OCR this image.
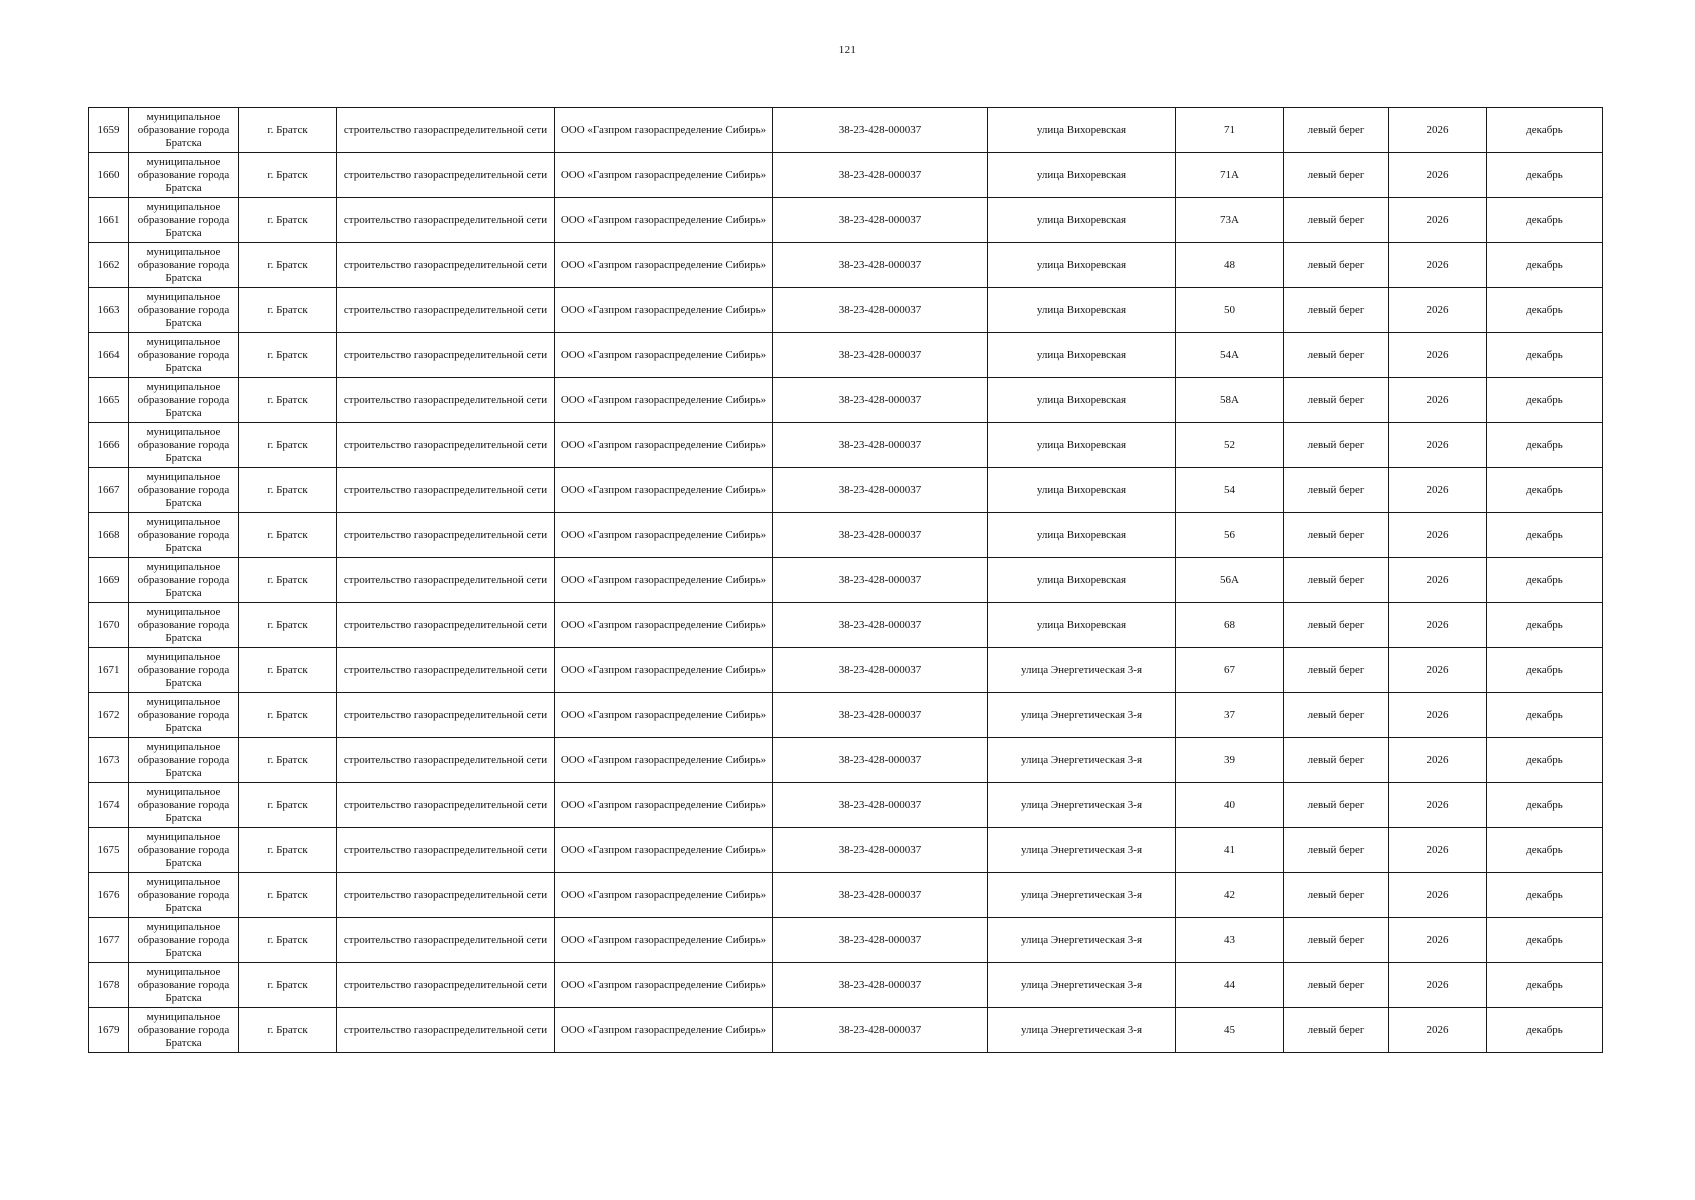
121
1659	муниципальное образование города Братска	г. Братск	строительство газораспределительной сети	ООО «Газпром газораспределение Сибирь»	38-23-428-000037	улица Вихоревская	71	левый берег	2026	декабрь
1660	муниципальное образование города Братска	г. Братск	строительство газораспределительной сети	ООО «Газпром газораспределение Сибирь»	38-23-428-000037	улица Вихоревская	71А	левый берег	2026	декабрь
1661	муниципальное образование города Братска	г. Братск	строительство газораспределительной сети	ООО «Газпром газораспределение Сибирь»	38-23-428-000037	улица Вихоревская	73А	левый берег	2026	декабрь
1662	муниципальное образование города Братска	г. Братск	строительство газораспределительной сети	ООО «Газпром газораспределение Сибирь»	38-23-428-000037	улица Вихоревская	48	левый берег	2026	декабрь
1663	муниципальное образование города Братска	г. Братск	строительство газораспределительной сети	ООО «Газпром газораспределение Сибирь»	38-23-428-000037	улица Вихоревская	50	левый берег	2026	декабрь
1664	муниципальное образование города Братска	г. Братск	строительство газораспределительной сети	ООО «Газпром газораспределение Сибирь»	38-23-428-000037	улица Вихоревская	54А	левый берег	2026	декабрь
1665	муниципальное образование города Братска	г. Братск	строительство газораспределительной сети	ООО «Газпром газораспределение Сибирь»	38-23-428-000037	улица Вихоревская	58А	левый берег	2026	декабрь
1666	муниципальное образование города Братска	г. Братск	строительство газораспределительной сети	ООО «Газпром газораспределение Сибирь»	38-23-428-000037	улица Вихоревская	52	левый берег	2026	декабрь
1667	муниципальное образование города Братска	г. Братск	строительство газораспределительной сети	ООО «Газпром газораспределение Сибирь»	38-23-428-000037	улица Вихоревская	54	левый берег	2026	декабрь
1668	муниципальное образование города Братска	г. Братск	строительство газораспределительной сети	ООО «Газпром газораспределение Сибирь»	38-23-428-000037	улица Вихоревская	56	левый берег	2026	декабрь
1669	муниципальное образование города Братска	г. Братск	строительство газораспределительной сети	ООО «Газпром газораспределение Сибирь»	38-23-428-000037	улица Вихоревская	56А	левый берег	2026	декабрь
1670	муниципальное образование города Братска	г. Братск	строительство газораспределительной сети	ООО «Газпром газораспределение Сибирь»	38-23-428-000037	улица Вихоревская	68	левый берег	2026	декабрь
1671	муниципальное образование города Братска	г. Братск	строительство газораспределительной сети	ООО «Газпром газораспределение Сибирь»	38-23-428-000037	улица Энергетическая 3-я	67	левый берег	2026	декабрь
1672	муниципальное образование города Братска	г. Братск	строительство газораспределительной сети	ООО «Газпром газораспределение Сибирь»	38-23-428-000037	улица Энергетическая 3-я	37	левый берег	2026	декабрь
1673	муниципальное образование города Братска	г. Братск	строительство газораспределительной сети	ООО «Газпром газораспределение Сибирь»	38-23-428-000037	улица Энергетическая 3-я	39	левый берег	2026	декабрь
1674	муниципальное образование города Братска	г. Братск	строительство газораспределительной сети	ООО «Газпром газораспределение Сибирь»	38-23-428-000037	улица Энергетическая 3-я	40	левый берег	2026	декабрь
1675	муниципальное образование города Братска	г. Братск	строительство газораспределительной сети	ООО «Газпром газораспределение Сибирь»	38-23-428-000037	улица Энергетическая 3-я	41	левый берег	2026	декабрь
1676	муниципальное образование города Братска	г. Братск	строительство газораспределительной сети	ООО «Газпром газораспределение Сибирь»	38-23-428-000037	улица Энергетическая 3-я	42	левый берег	2026	декабрь
1677	муниципальное образование города Братска	г. Братск	строительство газораспределительной сети	ООО «Газпром газораспределение Сибирь»	38-23-428-000037	улица Энергетическая 3-я	43	левый берег	2026	декабрь
1678	муниципальное образование города Братска	г. Братск	строительство газораспределительной сети	ООО «Газпром газораспределение Сибирь»	38-23-428-000037	улица Энергетическая 3-я	44	левый берег	2026	декабрь
1679	муниципальное образование города Братска	г. Братск	строительство газораспределительной сети	ООО «Газпром газораспределение Сибирь»	38-23-428-000037	улица Энергетическая 3-я	45	левый берег	2026	декабрь
